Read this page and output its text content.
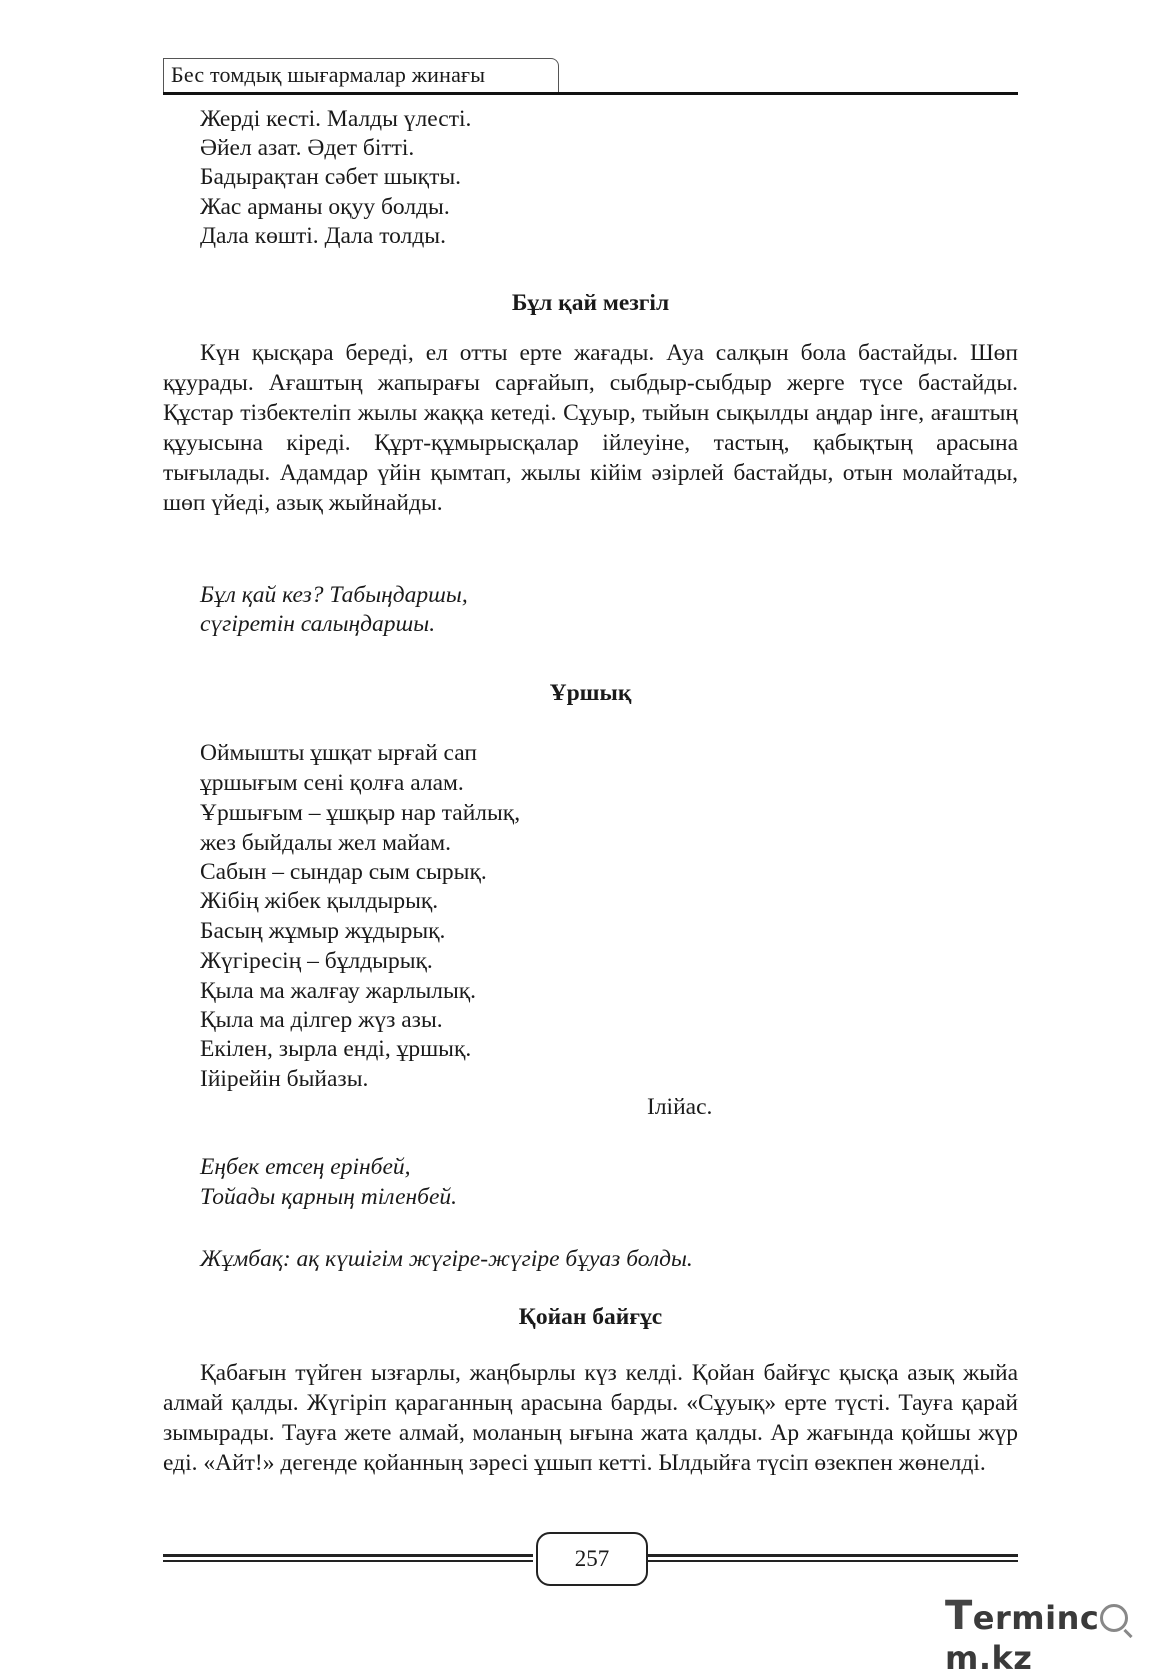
Бес томдық шығармалар жинағы
Жерді кесті. Малды үлесті.
Әйел азат. Әдет бітті.
Бадырақтан сәбет шықты.
Жас арманы оқуу болды.
Дала көшті. Дала толды.
Бұл қай мезгіл
Күн қысқара береді, ел отты ерте жағады. Ауа салқын бола бастайды. Шөп құурады. Ағаштың жапырағы сарғайып, сыбдыр-сыбдыр жерге түсе бастайды. Құстар тізбектеліп жылы жаққа кетеді. Сұуыр, тыйын сықылды аңдар інге, ағаштың құуысына кіреді. Құрт-құмырысқалар ійлеуіне, тастың, қабықтың арасына тығылады. Адамдар үйін қымтап, жылы кійім әзірлей бастайды, отын молайтады, шөп үйеді, азық жыйнайды.
Бұл қай кез? Табыңдаршы,
сүгіретін салыңдаршы.
Ұршық
Оймышты ұшқат ырғай сап
ұршығым сені қолға алам.
Ұршығым – ұшқыр нар тайлық,
жез быйдалы жел майам.
Сабын – сындар сым сырық.
Жібің жібек қылдырық.
Басың жұмыр жұдырық.
Жүгіресің – бұлдырық.
Қыла ма жалғау жарлылық.
Қыла ма ділгер жүз азы.
Екілен, зырла енді, ұршық.
Ійірейін быйазы.
Ілійас.
Еңбек етсең ерінбей,
Тойады қарның тіленбей.
Жұмбақ: ақ күшігім жүгіре-жүгіре бұуаз болды.
Қойан байғұс
Қабағын түйген ызғарлы, жаңбырлы күз келді. Қойан байғұс қысқа азық жыйа алмай қалды. Жүгіріп қараганның арасына барды. «Сұуық» ерте түсті. Тауға қарай зымырады. Тауға жете алмай, моланың ығына жата қалды. Ар жағында қойшы жүр еді. «Айт!» дегенде қойанның зәресі ұшып кетті. Ылдыйға түсіп өзекпен жөнелді.
257
Termincm.kz
